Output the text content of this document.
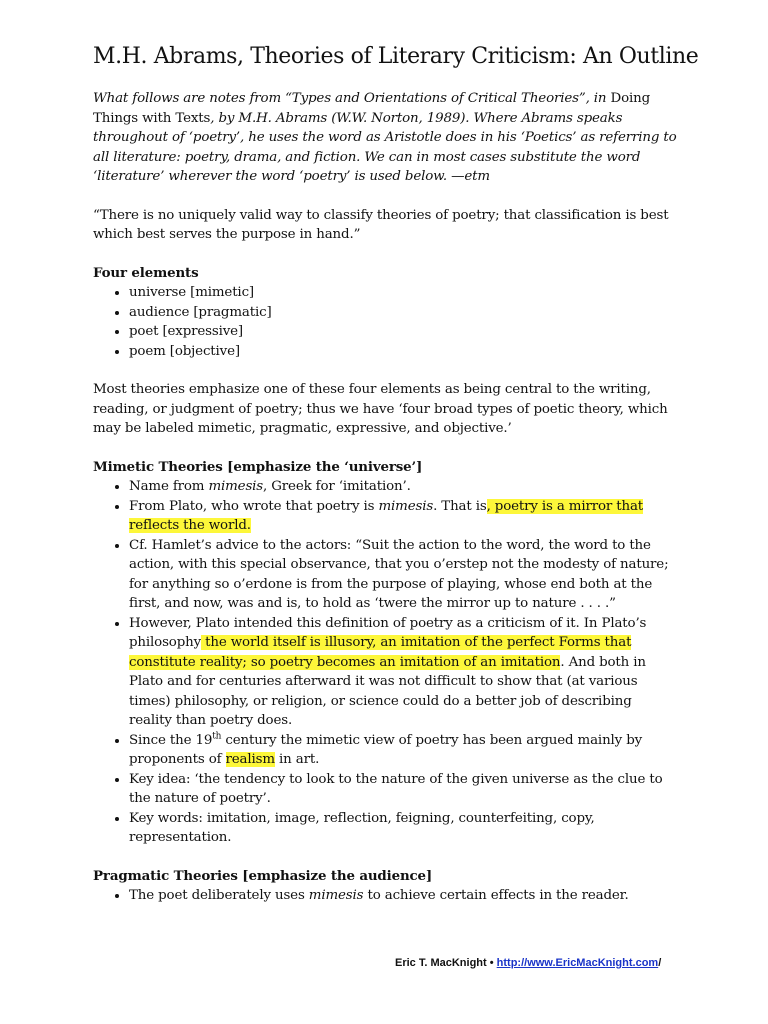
M.H. Abrams, Theories of Literary Criticism: An Outline

What follows are notes from “Types and Orientations of Critical Theories”, in Doing Things with Texts, by M.H. Abrams (W.W. Norton, 1989). Where Abrams speaks throughout of ‘poetry’, he uses the word as Aristotle does in his ‘Poetics’ as referring to all literature: poetry, drama, and fiction. We can in most cases substitute the word ‘literature’ wherever the word ‘poetry’ is used below. —etm

“There is no uniquely valid way to classify theories of poetry; that classification is best which best serves the purpose in hand.”

Four elements

• universe [mimetic]
• audience [pragmatic]
• poet [expressive]
• poem [objective]

Most theories emphasize one of these four elements as being central to the writing, reading, or judgment of poetry; thus we have ‘four broad types of poetic theory, which may be labeled mimetic, pragmatic, expressive, and objective.’

Mimetic Theories [emphasize the ‘universe’]

• Name from mimesis, Greek for ‘imitation’.
• From Plato, who wrote that poetry is mimesis. That is, poetry is a mirror that reflects the world.
• Cf. Hamlet’s advice to the actors: “Suit the action to the word, the word to the action, with this special observance, that you o’erstep not the modesty of nature; for anything so o’erdone is from the purpose of playing, whose end both at the first, and now, was and is, to hold as ‘twere the mirror up to nature . . . .”
• However, Plato intended this definition of poetry as a criticism of it. In Plato’s philosophy the world itself is illusory, an imitation of the perfect Forms that constitute reality; so poetry becomes an imitation of an imitation. And both in Plato and for centuries afterward it was not difficult to show that (at various times) philosophy, or religion, or science could do a better job of describing reality than poetry does.
• Since the 19th century the mimetic view of poetry has been argued mainly by proponents of realism in art.
• Key idea: ‘the tendency to look to the nature of the given universe as the clue to the nature of poetry’.
• Key words: imitation, image, reflection, feigning, counterfeiting, copy, representation.

Pragmatic Theories [emphasize the audience]

• The poet deliberately uses mimesis to achieve certain effects in the reader.
Eric T. MacKnight • http://www.EricMacKnight.com/
